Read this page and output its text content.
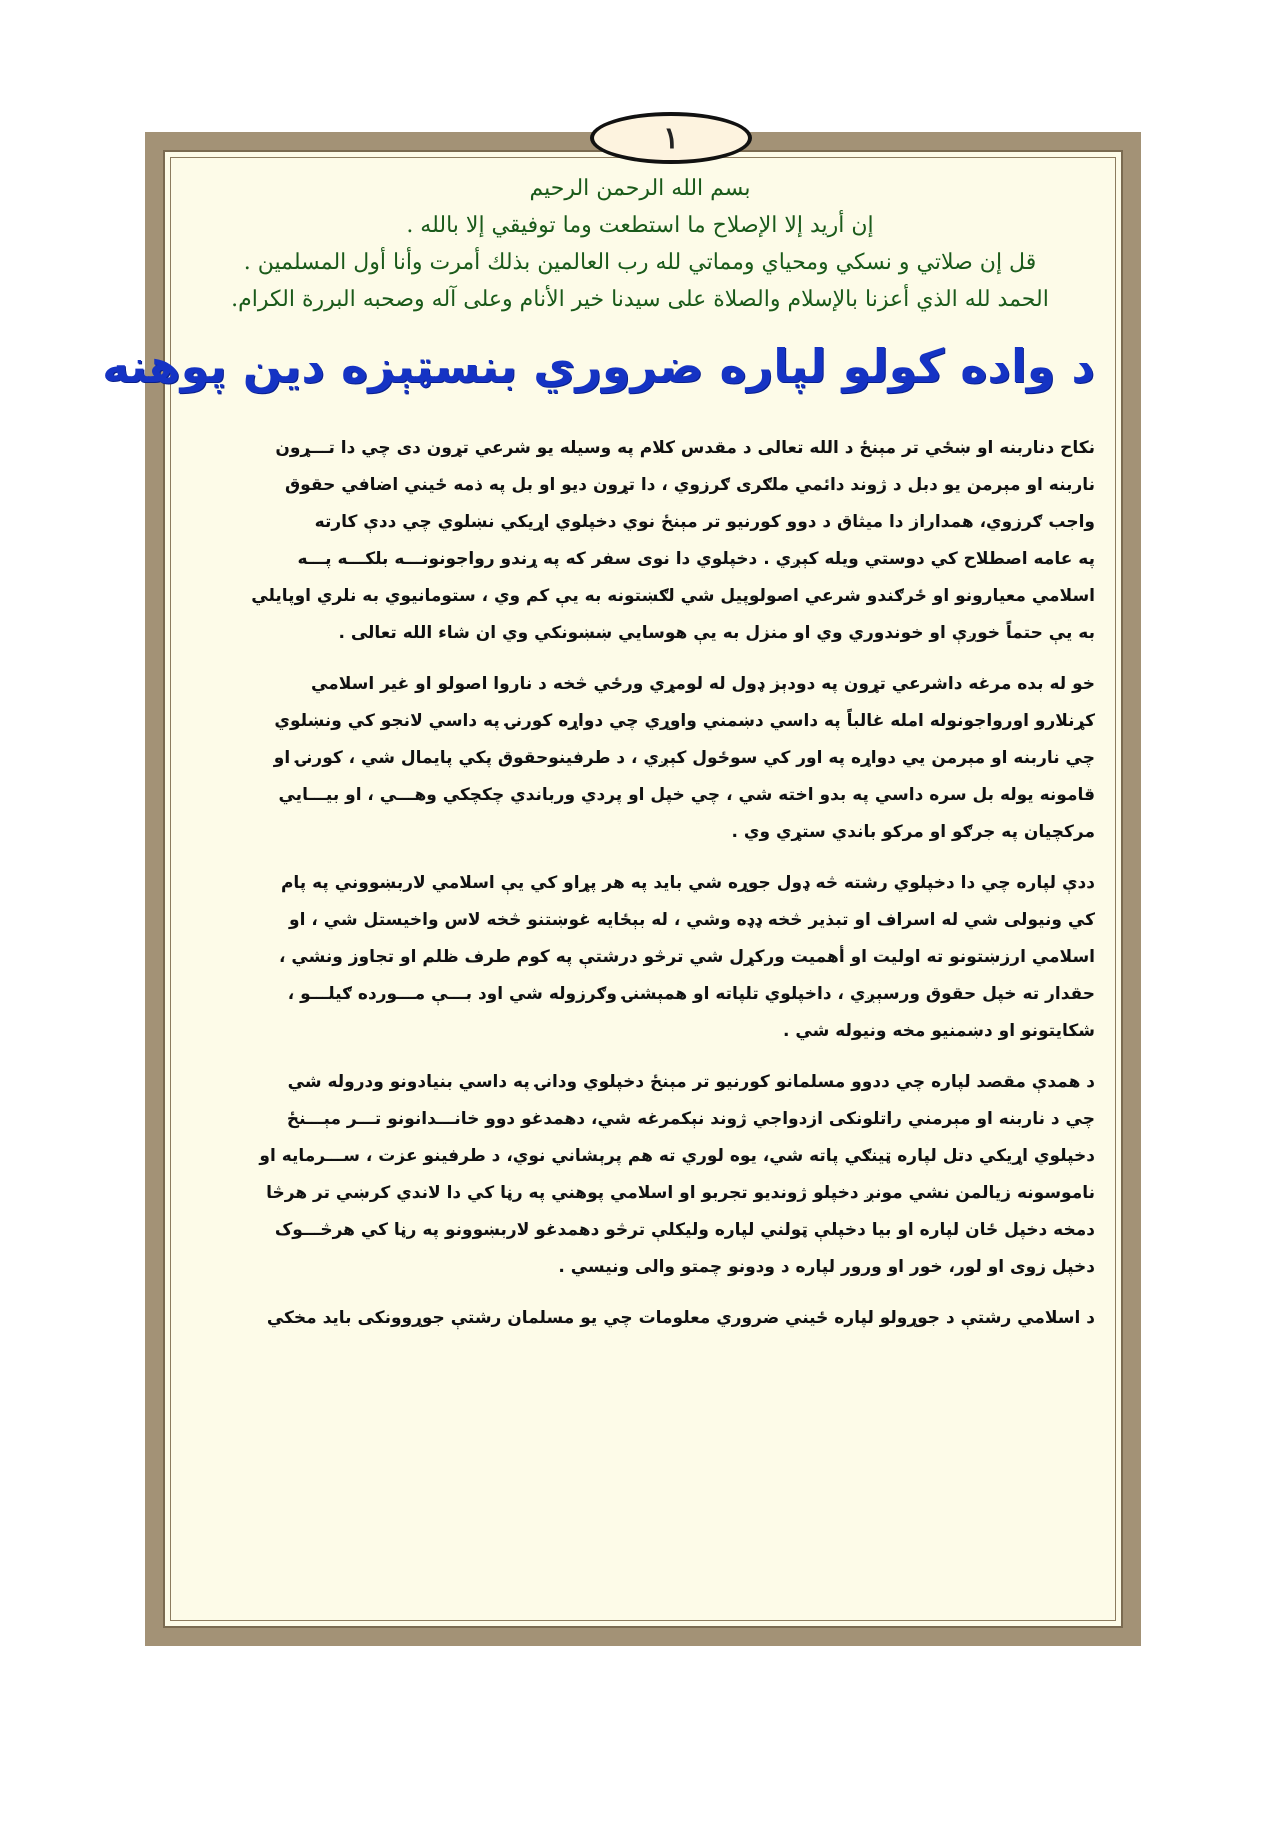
١

بسم الله الرحمن الرحيم

إن أريد إلا الإصلاح ما استطعت وما توفيقي إلا بالله .

قل إن صلاتي و نسكي ومحياي ومماتي لله رب العالمين بذلك أمرت وأنا أول المسلمين .

الحمد لله الذي أعزنا بالإسلام والصلاة على سيدنا خير الأنام وعلى آله وصحبه البررة الكرام.

د واده کولو لپاره ضروري بنسټېزه دين پوهنه
نكاح دناربنه او ښځي تر مېنځ د الله تعالی د مقدس كلام په وسيله يو شرعي تړون دی چي دا تـــړون
ناربنه او مېرمن يو دبل د ژوند دائمي ملګری ګرزوي ، دا تړون ديو او بل په ذمه ځيني اضافي حقوق
واجب ګرزوي، همداراز دا ميثاق د دوو كورنيو تر مېنځ نوي دخپلوي اړيكي نښلوي چي ددې كارته
په عامه اصطلاح كي دوستي ويله كېږي . دخپلوي دا نوی سفر كه په ړندو رواجونونـــه بلكـــه پـــه
اسلامي معيارونو او ځرګندو شرعي اصولوپيل شي لګښتونه به يې كم وي ، ستومانيوي به نلري اوپايلي
به يې حتماً خوږې او خوندوري وي او منزل به يې هوسايي ښښونكي وي ان شاء الله تعالی .
خو له بده مرغه داشرعي تړون په دودېز ډول له لومړي ورځي څخه د ناروا اصولو او غير اسلامي
كړنلارو اورواجونوله امله غالباً په داسي دښمني واوړي چي دواړه كورنۍ په داسي لانجو كي ونښلوي
چي ناربنه او مېرمن يي دواړه په اور كي سوځول كېږي ، د طرفينوحقوق پكي پايمال شي ، كورنۍ او
قامونه يوله بل سره داسي په بدو اخته شي ، چي خپل او پردي ورباندي چكچكي وهـــي ، او بيـــايي
مركچيان په جرګو او مركو باندي ستړي وي .
ددې لپاره چي دا دخپلوي رشته څه ډول جوړه شي بايد په هر پړاو كي يې اسلامي لاربښووني په پام
كي ونيولی شي له اسراف او تبذير څخه ډډه وشي ، له بېځايه غوښتنو څخه لاس واخيستل شي ، او
اسلامي ارزښتونو ته اوليت او أهميت وركړل شي ترڅو درشتې په كوم طرف ظلم او تجاوز ونشي ،
حقدار ته خپل حقوق ورسېږي ، داخپلوي تلپاته او همېشنۍ وګرزوله شي اود بـــې مـــورده ګيلـــو ،
شكايتونو او دښمنيو مخه ونيوله شي .
د همدې مقصد لپاره چي ددوو مسلمانو كورنيو تر مېنځ دخپلوي ودانۍ په داسي بنيادونو ودروله شي
چي د ناربنه او مېرمني راتلونكی ازدواجي ژوند نېكمرغه شي، دهمدغو دوو خانـــدانونو تـــر مېـــنځ
دخپلوي اړيكي دتل لپاره ټينګي پاته شي، يوه لوري ته هم پرېشاني نوي، د طرفينو عزت ، ســـرمايه او
ناموسونه زيالمن نشي مونږ دخپلو ژونديو تجربو او اسلامي پوهني په رڼا كي دا لاندي كرښي تر هرڅا
دمخه دخپل ځان لپاره او بيا دخپلې ټولني لپاره وليكلې ترڅو دهمدغو لاربښوونو په رڼا كي هرڅـــوک
دخپل زوی او لور، خور او ورور لپاره د ودونو چمتو والی ونيسي .
د اسلامي رشتې د جوړولو لپاره ځيني ضروري معلومات چي يو مسلمان رشتې جوړوونكی بايد مخكي
